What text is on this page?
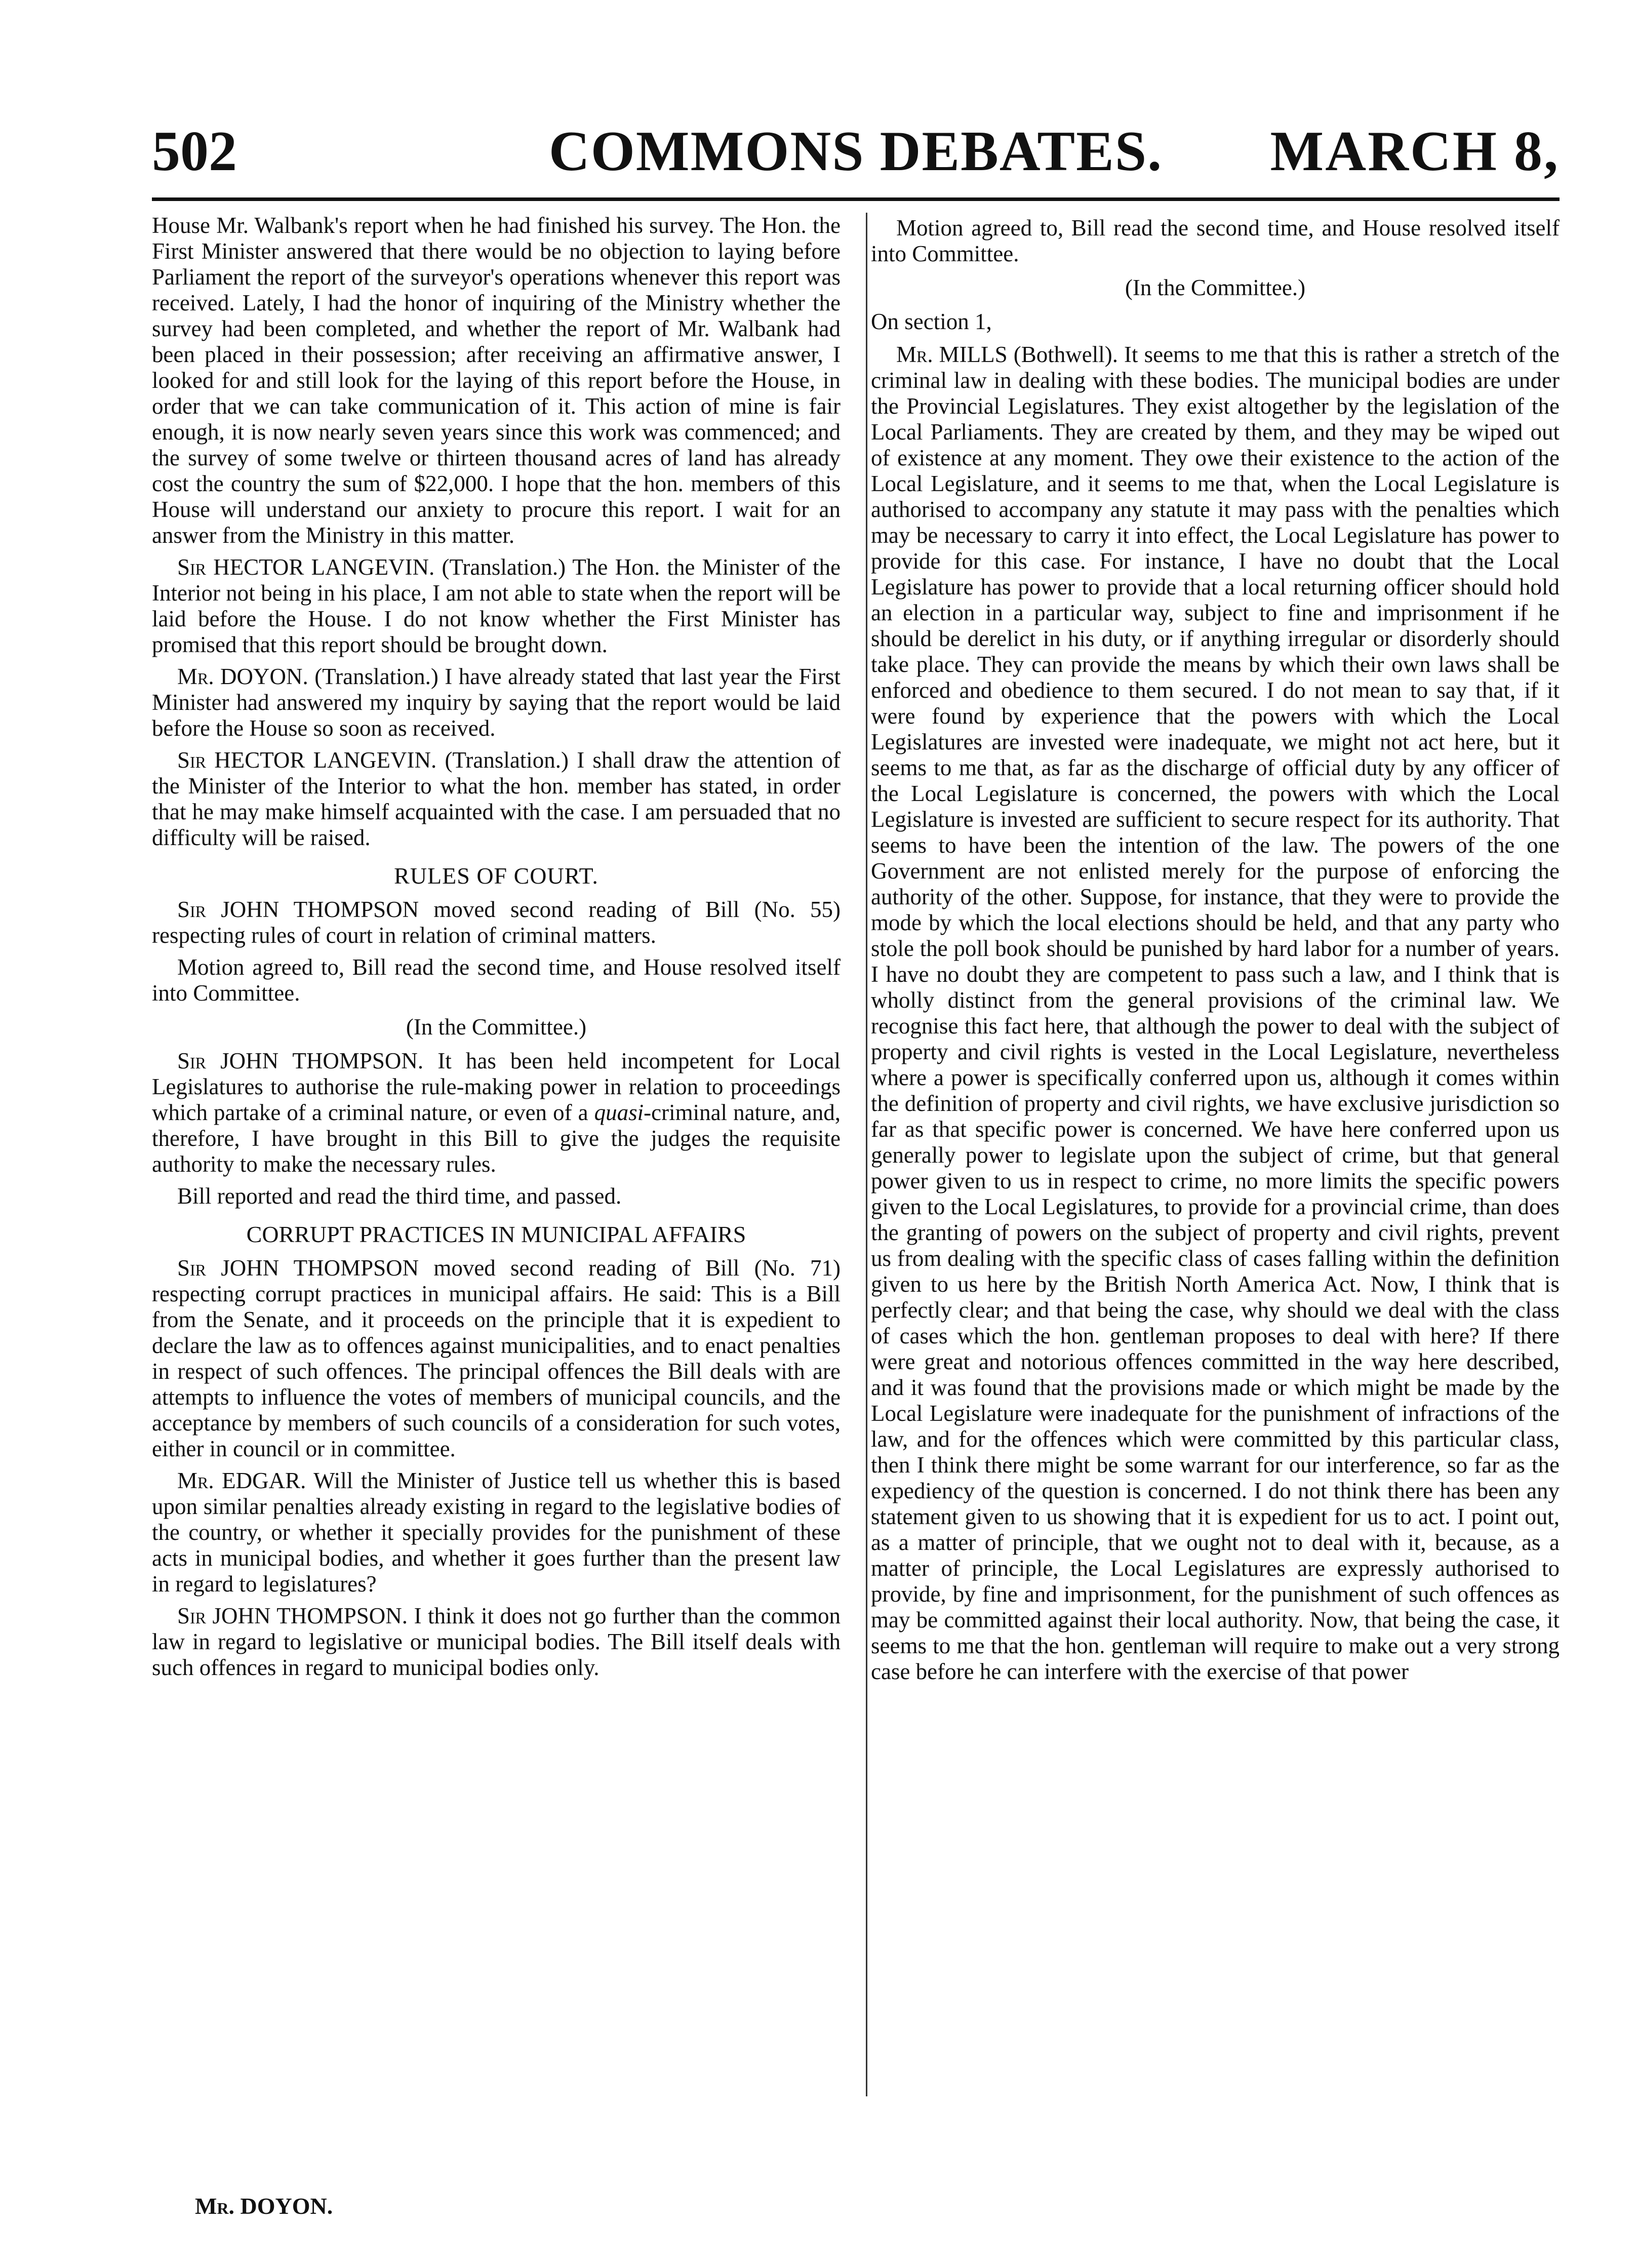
502	COMMONS DEBATES.	MARCH 8,

House Mr. Walbank's report when he had finished his survey. The Hon. the First Minister answered that there would be no objection to laying before Parliament the report of the surveyor's operations whenever this report was received. Lately, I had the honor of inquiring of the Ministry whether the survey had been completed, and whether the report of Mr. Walbank had been placed in their possession; after receiving an affirmative answer, I looked for and still look for the laying of this report before the House, in order that we can take communication of it. This action of mine is fair enough, it is now nearly seven years since this work was commenced; and the survey of some twelve or thirteen thousand acres of land has already cost the country the sum of $22,000. I hope that the hon. members of this House will understand our anxiety to procure this report. I wait for an answer from the Ministry in this matter.

Sir HECTOR LANGEVIN. (Translation.) The Hon. the Minister of the Interior not being in his place, I am not able to state when the report will be laid before the House. I do not know whether the First Minister has promised that this report should be brought down.

Mr. DOYON. (Translation.) I have already stated that last year the First Minister had answered my inquiry by saying that the report would be laid before the House so soon as received.

Sir HECTOR LANGEVIN. (Translation.) I shall draw the attention of the Minister of the Interior to what the hon. member has stated, in order that he may make himself acquainted with the case. I am persuaded that no difficulty will be raised.

RULES OF COURT.

Sir JOHN THOMPSON moved second reading of Bill (No. 55) respecting rules of court in relation of criminal matters.

Motion agreed to, Bill read the second time, and House resolved itself into Committee.

(In the Committee.)

Sir JOHN THOMPSON. It has been held incompetent for Local Legislatures to authorise the rule-making power in relation to proceedings which partake of a criminal nature, or even of a quasi-criminal nature, and, therefore, I have brought in this Bill to give the judges the requisite authority to make the necessary rules.

Bill reported and read the third time, and passed.

CORRUPT PRACTICES IN MUNICIPAL AFFAIRS

Sir JOHN THOMPSON moved second reading of Bill (No. 71) respecting corrupt practices in municipal affairs. He said: This is a Bill from the Senate, and it proceeds on the principle that it is expedient to declare the law as to offences against municipalities, and to enact penalties in respect of such offences. The principal offences the Bill deals with are attempts to influence the votes of members of municipal councils, and the acceptance by members of such councils of a consideration for such votes, either in council or in committee.

Mr. EDGAR. Will the Minister of Justice tell us whether this is based upon similar penalties already existing in regard to the legislative bodies of the country, or whether it specially provides for the punishment of these acts in municipal bodies, and whether it goes further than the present law in regard to legislatures?

Sir JOHN THOMPSON. I think it does not go further than the common law in regard to legislative or municipal bodies. The Bill itself deals with such offences in regard to municipal bodies only.

Motion agreed to, Bill read the second time, and House resolved itself into Committee.

(In the Committee.)

On section 1,

Mr. MILLS (Bothwell). It seems to me that this is rather a stretch of the criminal law in dealing with these bodies. The municipal bodies are under the Provincial Legislatures. They exist altogether by the legislation of the Local Parliaments. They are created by them, and they may be wiped out of existence at any moment. They owe their existence to the action of the Local Legislature, and it seems to me that, when the Local Legislature is authorised to accompany any statute it may pass with the penalties which may be necessary to carry it into effect, the Local Legislature has power to provide for this case. For instance, I have no doubt that the Local Legislature has power to provide that a local returning officer should hold an election in a particular way, subject to fine and imprisonment if he should be derelict in his duty, or if anything irregular or disorderly should take place. They can provide the means by which their own laws shall be enforced and obedience to them secured. I do not mean to say that, if it were found by experience that the powers with which the Local Legislatures are invested were inadequate, we might not act here, but it seems to me that, as far as the discharge of official duty by any officer of the Local Legislature is concerned, the powers with which the Local Legislature is invested are sufficient to secure respect for its authority. That seems to have been the intention of the law. The powers of the one Government are not enlisted merely for the purpose of enforcing the authority of the other. Suppose, for instance, that they were to provide the mode by which the local elections should be held, and that any party who stole the poll book should be punished by hard labor for a number of years. I have no doubt they are competent to pass such a law, and I think that is wholly distinct from the general provisions of the criminal law. We recognise this fact here, that although the power to deal with the subject of property and civil rights is vested in the Local Legislature, nevertheless where a power is specifically conferred upon us, although it comes within the definition of property and civil rights, we have exclusive jurisdiction so far as that specific power is concerned. We have here conferred upon us generally power to legislate upon the subject of crime, but that general power given to us in respect to crime, no more limits the specific powers given to the Local Legislatures, to provide for a provincial crime, than does the granting of powers on the subject of property and civil rights, prevent us from dealing with the specific class of cases falling within the definition given to us here by the British North America Act. Now, I think that is perfectly clear; and that being the case, why should we deal with the class of cases which the hon. gentleman proposes to deal with here? If there were great and notorious offences committed in the way here described, and it was found that the provisions made or which might be made by the Local Legislature were inadequate for the punishment of infractions of the law, and for the offences which were committed by this particular class, then I think there might be some warrant for our interference, so far as the expediency of the question is concerned. I do not think there has been any statement given to us showing that it is expedient for us to act. I point out, as a matter of principle, that we ought not to deal with it, because, as a matter of principle, the Local Legislatures are expressly authorised to provide, by fine and imprisonment, for the punishment of such offences as may be committed against their local authority. Now, that being the case, it seems to me that the hon. gentleman will require to make out a very strong case before he can interfere with the exercise of that power

Mr. DOYON.
